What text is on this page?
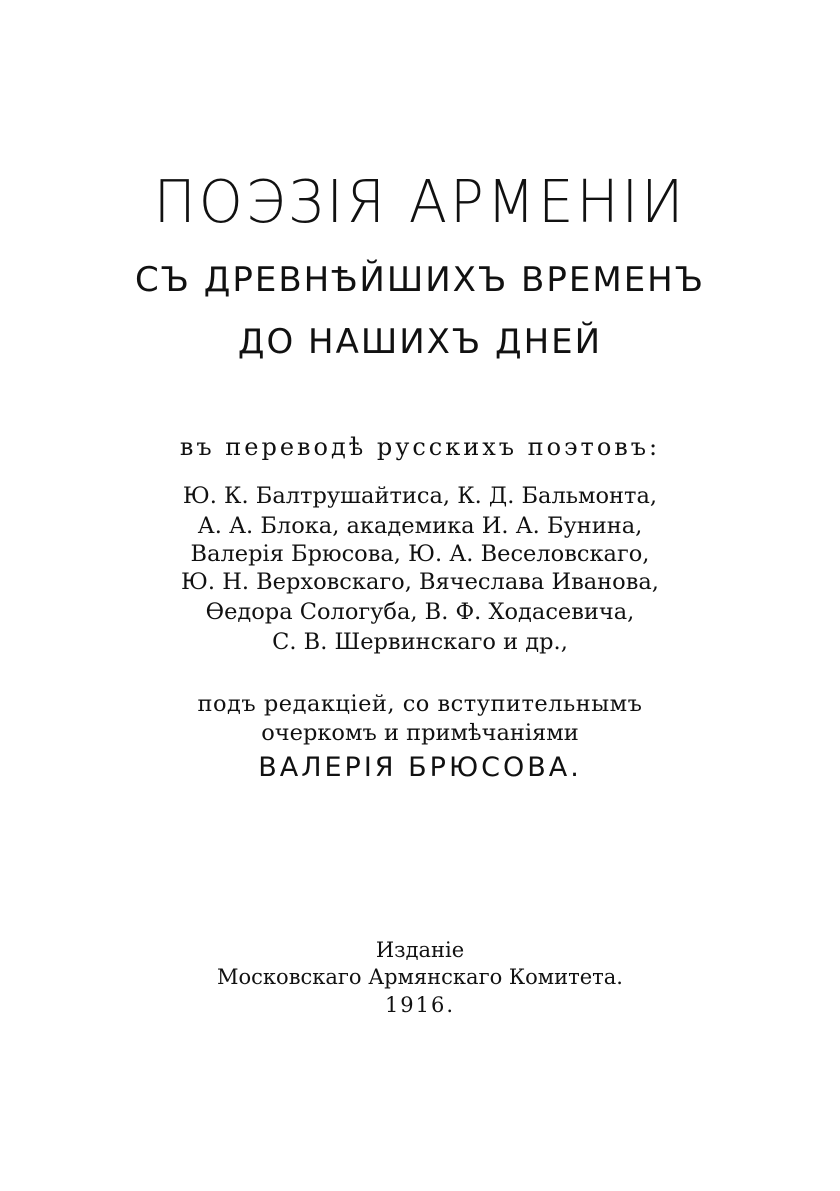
ПОЭЗІЯ АРМЕНІИ
СЪ ДРЕВНѢЙШИХЪ ВРЕМЕНЪ
ДО НАШИХЪ ДНЕЙ
въ переводѣ русскихъ поэтовъ:
Ю. К. Балтрушайтиса, К. Д. Бальмонта,
А. А. Блока, академика И. А. Бунина,
Валерія Брюсова, Ю. А. Веселовскаго,
Ю. Н. Верховскаго, Вячеслава Иванова,
Ѳедора Сологуба, В. Ф. Ходасевича,
С. В. Шервинскаго и др.,
подъ редакціей, со вступительнымъ
очеркомъ и примѣчаніями
ВАЛЕРІЯ БРЮСОВА.
Изданіе
Московскаго Армянскаго Комитета.
1916.
